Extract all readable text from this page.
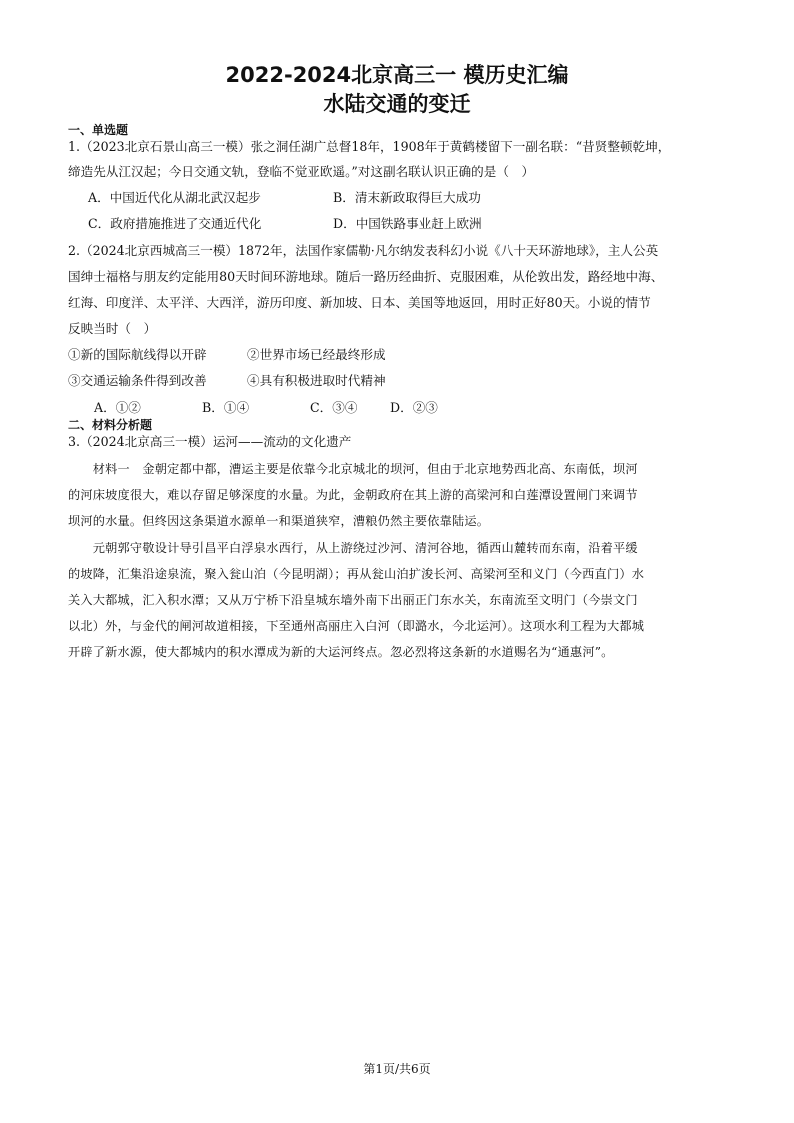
2022-2024北京高三一 模历史汇编
水陆交通的变迁
一、单选题
1.（2023北京石景山高三一模）张之洞任湖广总督18年，1908年于黄鹤楼留下一副名联：“昔贤整顿乾坤，
缔造先从江汉起；今日交通文轨，登临不觉亚欧遥。”对这副名联认识正确的是（　）
A．中国近代化从湖北武汉起步	B．清末新政取得巨大成功
C．政府措施推进了交通近代化	D．中国铁路事业赶上欧洲
2.（2024北京西城高三一模）1872年，法国作家儒勒·凡尔纳发表科幻小说《八十天环游地球》，主人公英
国绅士福格与朋友约定能用80天时间环游地球。随后一路历经曲折、克服困难，从伦敦出发，路经地中海、
红海、印度洋、太平洋、大西洋，游历印度、新加坡、日本、美国等地返回，用时正好80天。小说的情节
反映当时（　）
①新的国际航线得以开辟	②世界市场已经最终形成
③交通运输条件得到改善	④具有积极进取时代精神
A．①②	B．①④	C．③④	D．②③
二、材料分析题
3.（2024北京高三一模）运河——流动的文化遗产
　　材料一　金朝定都中都，漕运主要是依靠今北京城北的坝河，但由于北京地势西北高、东南低，坝河
的河床坡度很大，难以存留足够深度的水量。为此，金朝政府在其上游的高梁河和白莲潭设置闸门来调节
坝河的水量。但终因这条渠道水源单一和渠道狭窄，漕粮仍然主要依靠陆运。
　　元朝郭守敬设计导引昌平白浮泉水西行，从上游绕过沙河、清河谷地，循西山麓转而东南，沿着平缓
的坡降，汇集沿途泉流，聚入瓮山泊（今昆明湖）；再从瓮山泊扩浚长河、高梁河至和义门（今西直门）水
关入大都城，汇入积水潭；又从万宁桥下沿皇城东墙外南下出丽正门东水关，东南流至文明门（今崇文门
以北）外，与金代的闸河故道相接，下至通州高丽庄入白河（即潞水，今北运河）。这项水利工程为大都城
开辟了新水源，使大都城内的积水潭成为新的大运河终点。忽必烈将这条新的水道赐名为“通惠河”。
第1页/共6页
